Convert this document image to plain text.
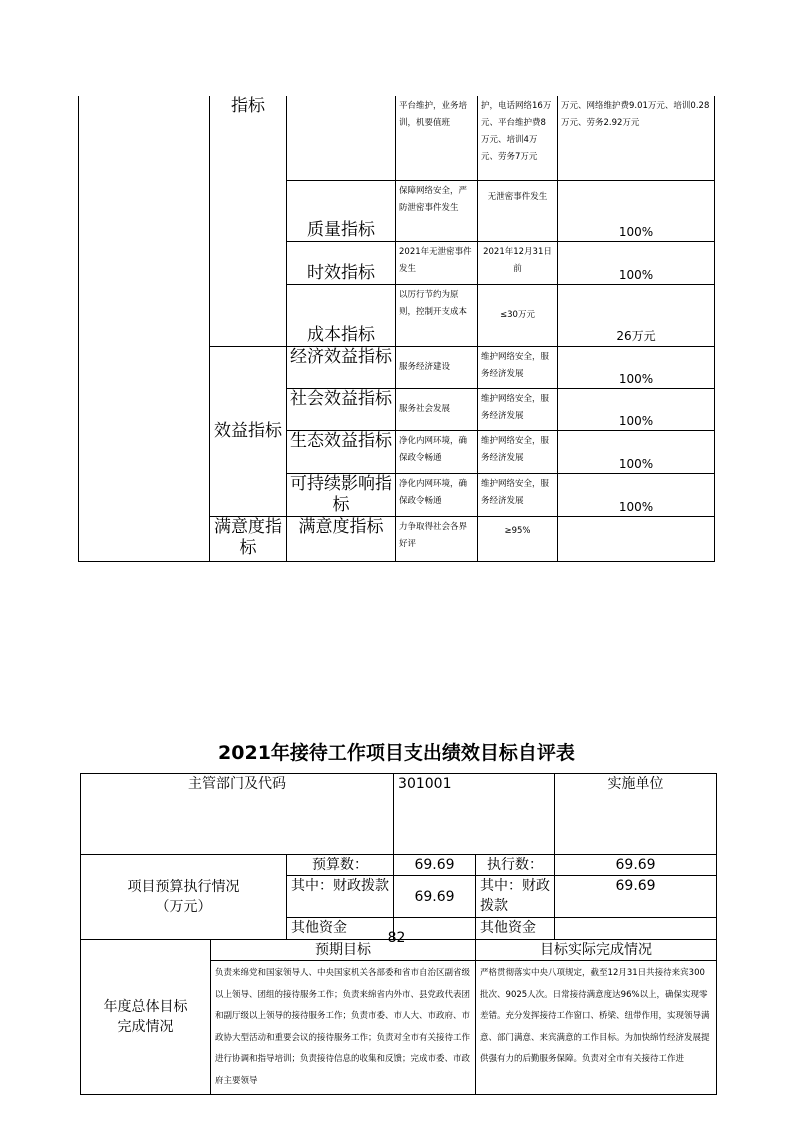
	指标		平台维护，业务培训，机要值班	护，电话网络16万元、平台维护费8万元、培训4万元、劳务7万元	万元、网络维护费9.01万元、培训0.28万元、劳务2.92万元
		质量指标	保障网络安全，严防泄密事件发生	无泄密事件发生	100%
		时效指标	2021年无泄密事件发生	2021年12月31日前	100%
		成本指标	以厉行节约为原则，控制开支成本	≤30万元	26万元
	效益指标	经济效益指标	服务经济建设	维护网络安全，服务经济发展	100%
		社会效益指标	服务社会发展	维护网络安全，服务经济发展	100%
		生态效益指标	净化内网环境，确保政令畅通	维护网络安全，服务经济发展	100%
		可持续影响指标	净化内网环境，确保政令畅通	维护网络安全，服务经济发展	100%
	满意度指标	满意度指标	力争取得社会各界好评	≥95%	
2021年接待工作项目支出绩效目标自评表
主管部门及代码			301001		实施单位	
项目预算执行情况（万元）		预算数：	69.69	执行数：	69.69	
		其中：财政拨款	69.69	其中：财政拨款	69.69	
		其他资金		其他资金		

年度总体目标完成情况	预期目标			目标实际完成情况		
	负责来绵党和国家领导人、中央国家机关各部委和省市自治区副省级以上领导、团组的接待服务工作；负责来绵省内外市、县党政代表团和副厅级以上领导的接待服务工作；负责市委、市人大、市政府、市政协大型活动和重要会议的接待服务工作；负责对全市有关接待工作进行协调和指导培训；负责接待信息的收集和反馈；完成市委、市政府主要领导			严格贯彻落实中央八项规定，截至12月31日共接待来宾300批次、9025人次。日常接待满意度达96%以上，确保实现零差错。充分发挥接待工作窗口、桥梁、纽带作用，实现领导满意、部门满意、来宾满意的工作目标。为加快绵竹经济发展提供强有力的后勤服务保障。负责对全市有关接待工作进		
82
